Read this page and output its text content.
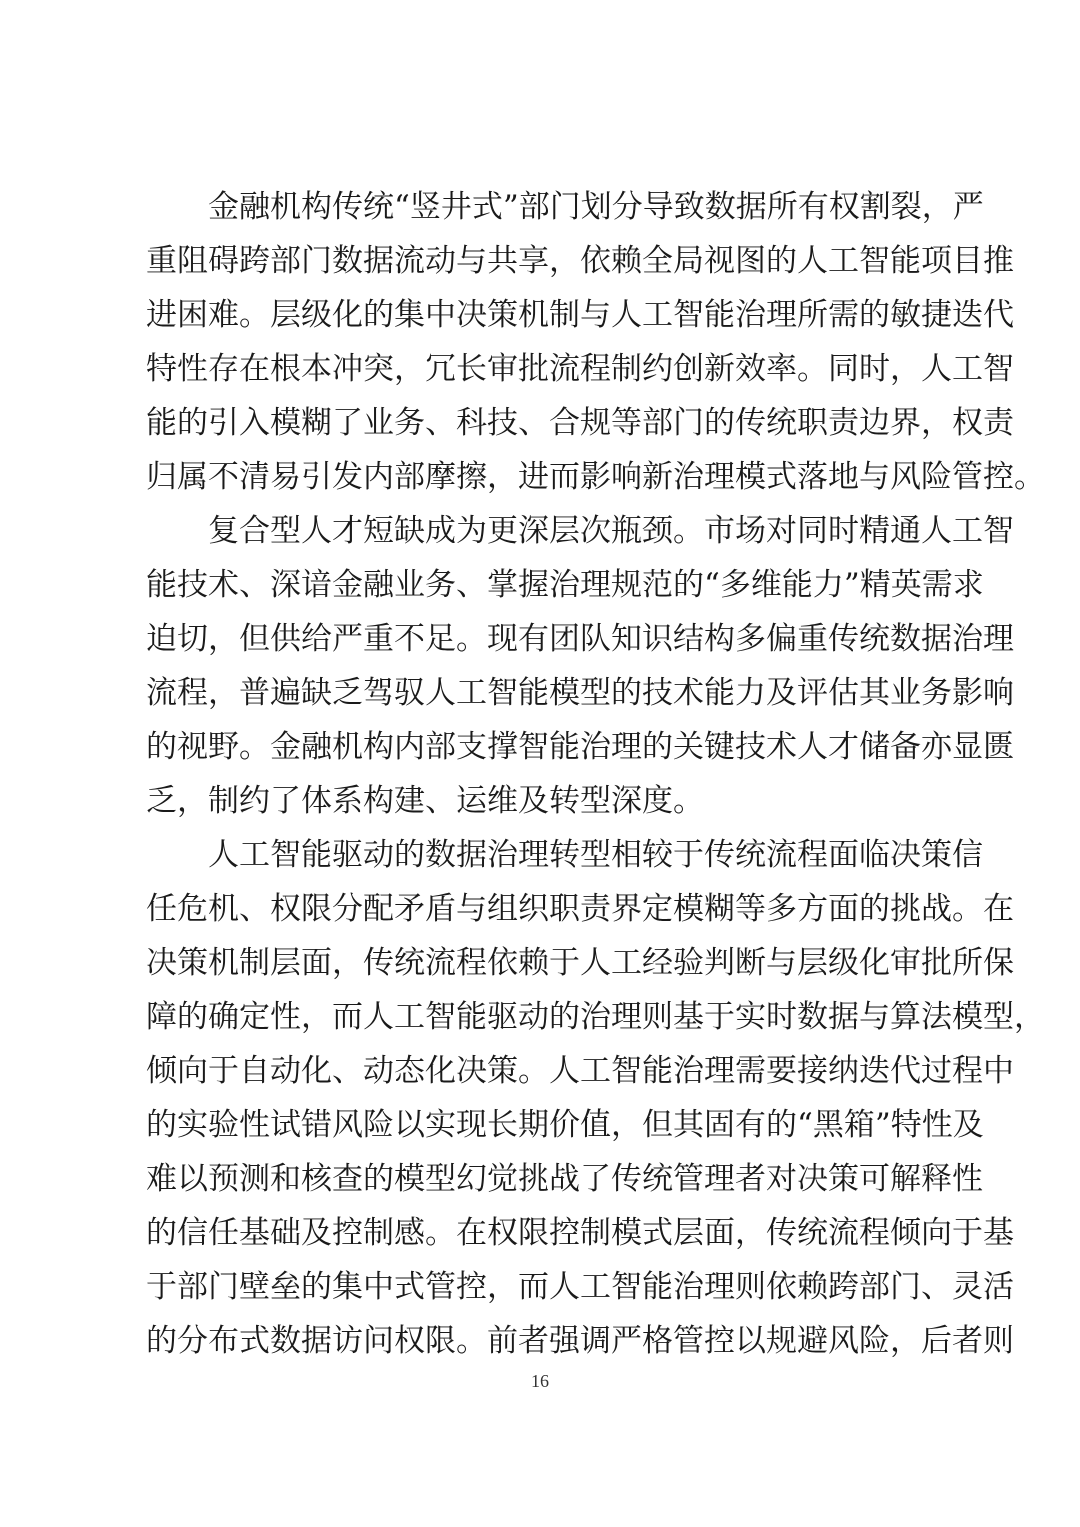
金融机构传统“竖井式”部门划分导致数据所有权割裂，严
重阻碍跨部门数据流动与共享，依赖全局视图的人工智能项目推
进困难。层级化的集中决策机制与人工智能治理所需的敏捷迭代
特性存在根本冲突，冗长审批流程制约创新效率。同时，人工智
能的引入模糊了业务、科技、合规等部门的传统职责边界，权责
归属不清易引发内部摩擦，进而影响新治理模式落地与风险管控。
复合型人才短缺成为更深层次瓶颈。市场对同时精通人工智
能技术、深谙金融业务、掌握治理规范的“多维能力”精英需求
迫切，但供给严重不足。现有团队知识结构多偏重传统数据治理
流程，普遍缺乏驾驭人工智能模型的技术能力及评估其业务影响
的视野。金融机构内部支撑智能治理的关键技术人才储备亦显匮
乏，制约了体系构建、运维及转型深度。
人工智能驱动的数据治理转型相较于传统流程面临决策信
任危机、权限分配矛盾与组织职责界定模糊等多方面的挑战。在
决策机制层面，传统流程依赖于人工经验判断与层级化审批所保
障的确定性，而人工智能驱动的治理则基于实时数据与算法模型，
倾向于自动化、动态化决策。人工智能治理需要接纳迭代过程中
的实验性试错风险以实现长期价值，但其固有的“黑箱”特性及
难以预测和核查的模型幻觉挑战了传统管理者对决策可解释性
的信任基础及控制感。在权限控制模式层面，传统流程倾向于基
于部门壁垒的集中式管控，而人工智能治理则依赖跨部门、灵活
的分布式数据访问权限。前者强调严格管控以规避风险，后者则
16
